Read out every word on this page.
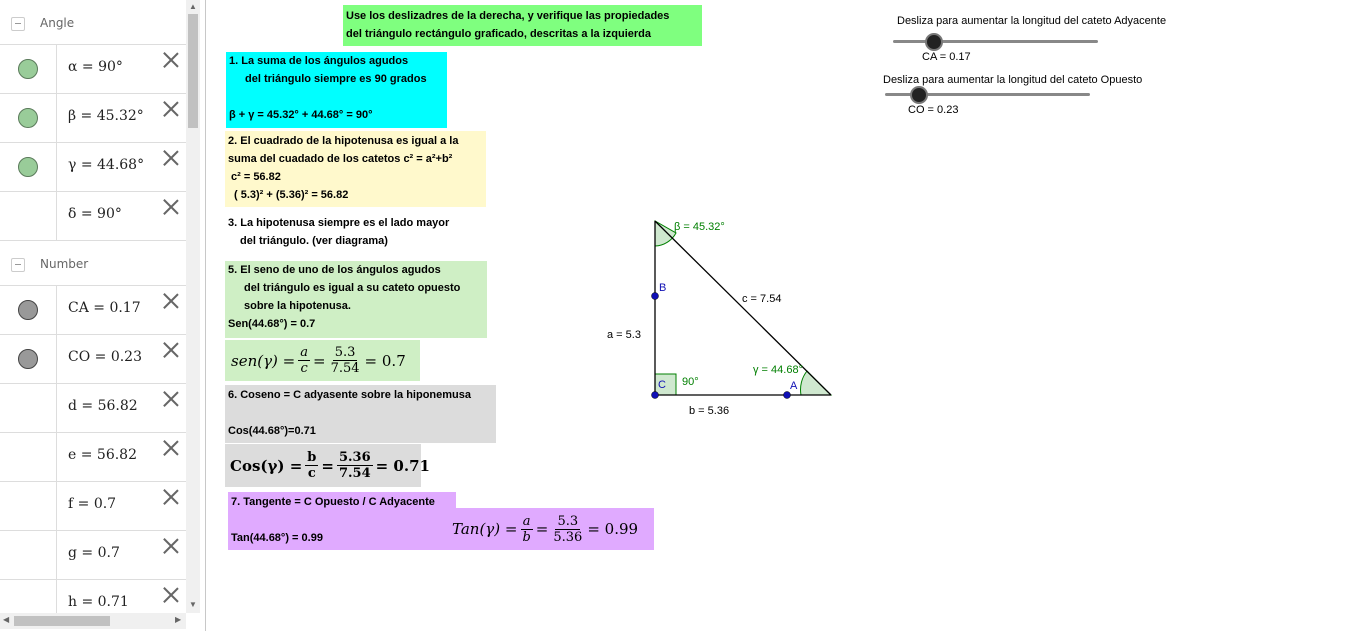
Angle
α = 90°
β = 45.32°
γ = 44.68°
δ = 90°
Number
CA = 0.17
CO = 0.23
d = 56.82
e = 56.82
f = 0.7
g = 0.7
h = 0.71
▲
▼
◀	▶
Use los deslizadres de la derecha, y verifique las propiedades
del triángulo rectángulo graficado, descritas a la izquierda
1. La suma de los ángulos agudos
del triángulo siempre es 90 grados
β + γ = 45.32° + 44.68° = 90°
2. El cuadrado de la hipotenusa es igual a la
suma del cuadado de los catetos c² = a²+b²
c² = 56.82
( 5.3)² + (5.36)² = 56.82
3. La hipotenusa siempre es el lado mayor
del triángulo. (ver diagrama)
5. El seno de uno de los ángulos agudos
del triángulo es igual a su cateto opuesto
sobre la hipotenusa.
Sen(44.68°) = 0.7
$sen(\gamma) = \frac{a}{c} = \frac{5.3}{7.54} = 0.7$
6. Coseno = C adyasente sobre la hiponemusa
Cos(44.68°)=0.71
$Cos(\gamma) = \frac{b}{c} = \frac{5.36}{7.54} = 0.71$
7. Tangente = C Opuesto / C Adyacente
Tan(44.68°) = 0.99	$Tan(\gamma) = \frac{a}{b} = \frac{5.3}{5.36} = 0.99$
Desliza para aumentar la longitud del cateto Adyacente
CA = 0.17
Desliza para aumentar la longitud del cateto Opuesto
CO = 0.23
β = 45.32°
γ = 44.68°
90°
a = 5.3
b = 5.36
c = 7.54
B
C	A
